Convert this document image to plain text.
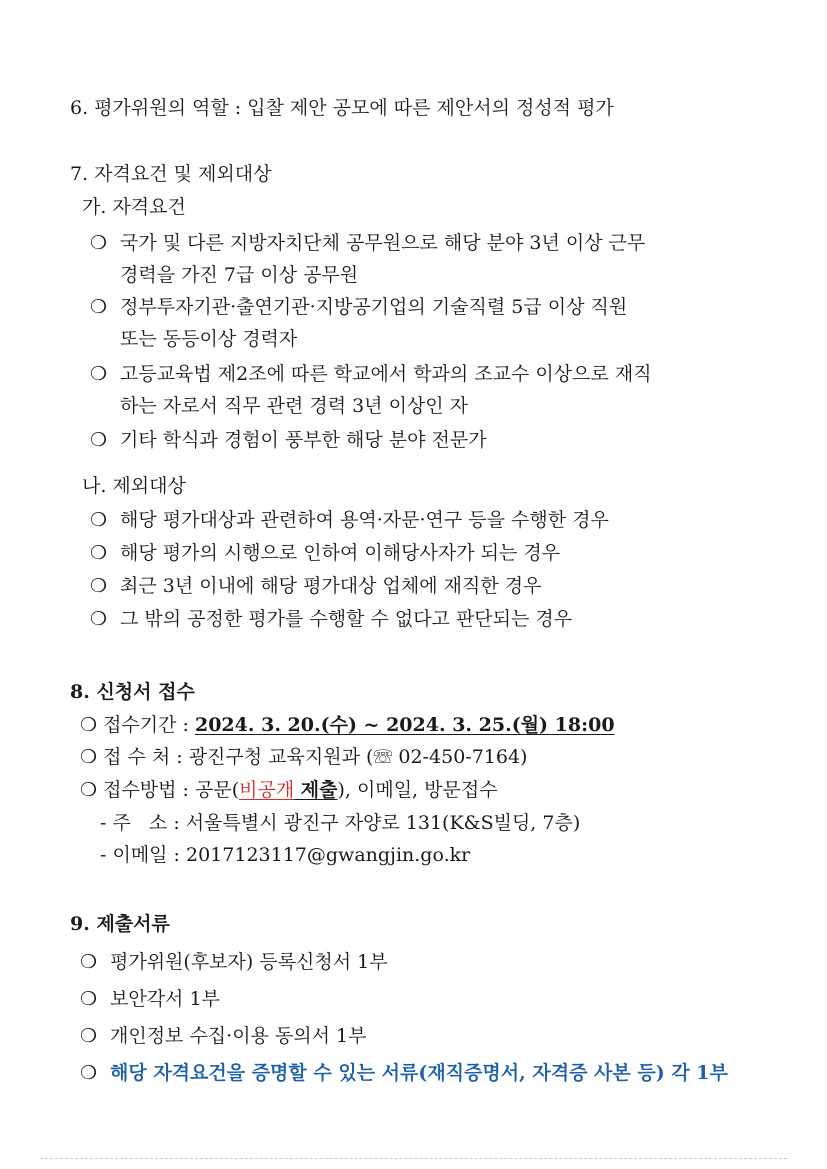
6. 평가위원의 역할 : 입찰 제안 공모에 따른 제안서의 정성적 평가
7. 자격요건 및 제외대상
가. 자격요건
❍ 국가 및 다른 지방자치단체 공무원으로 해당 분야 3년 이상 근무
경력을 가진 7급 이상 공무원
❍ 정부투자기관·출연기관·지방공기업의 기술직렬 5급 이상 직원
또는 동등이상 경력자
❍ 고등교육법 제2조에 따른 학교에서 학과의 조교수 이상으로 재직
하는 자로서 직무 관련 경력 3년 이상인 자
❍ 기타 학식과 경험이 풍부한 해당 분야 전문가
나. 제외대상
❍ 해당 평가대상과 관련하여 용역·자문·연구 등을 수행한 경우
❍ 해당 평가의 시행으로 인하여 이해당사자가 되는 경우
❍ 최근 3년 이내에 해당 평가대상 업체에 재직한 경우
❍ 그 밖의 공정한 평가를 수행할 수 없다고 판단되는 경우
8. 신청서 접수
❍ 접수기간 : 2024. 3. 20.(수) ~ 2024. 3. 25.(월) 18:00
❍ 접 수 처 : 광진구청 교육지원과 (☏ 02-450-7164)
❍ 접수방법 : 공문(비공개 제출), 이메일, 방문접수
- 주   소 : 서울특별시 광진구 자양로 131(K&S빌딩, 7층)
- 이메일 : 2017123117@gwangjin.go.kr
9. 제출서류
❍ 평가위원(후보자) 등록신청서 1부
❍ 보안각서 1부
❍ 개인정보 수집·이용 동의서 1부
❍ 해당 자격요건을 증명할 수 있는 서류(재직증명서, 자격증 사본 등) 각 1부
